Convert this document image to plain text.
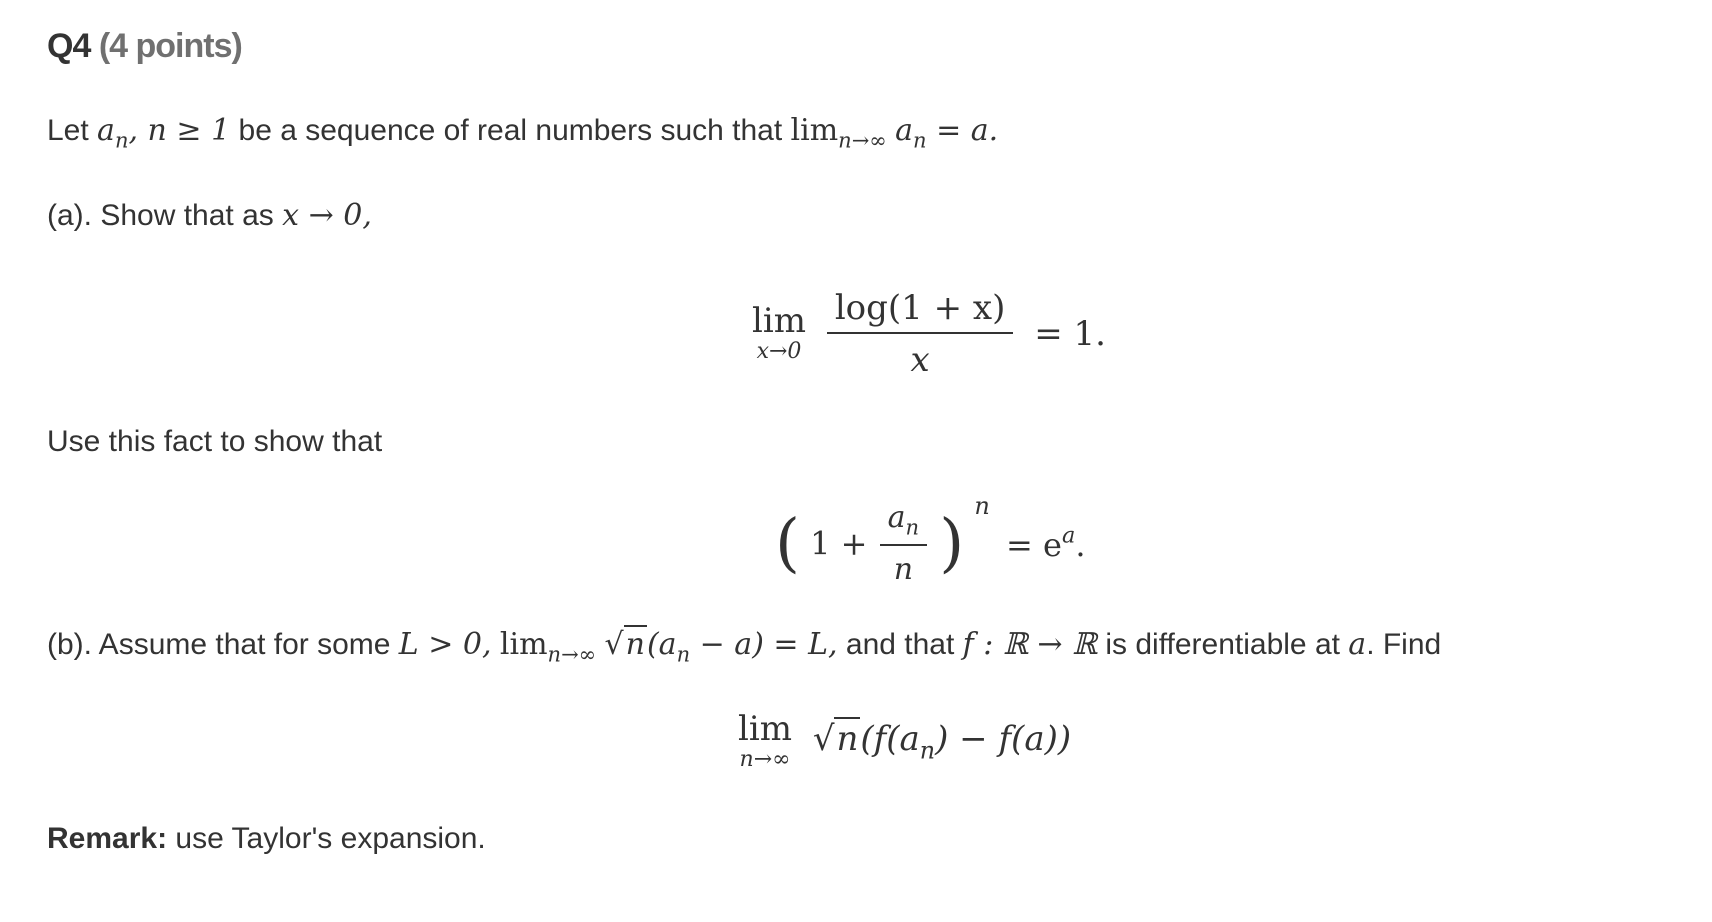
Q4 (4 points)
Let $a_n$, n ≥ 1 be a sequence of real numbers such that $\lim_{n\to\infty} a_n = a$.
(a). Show that as x → 0,
lim
x→0
$\frac{\log(1 + x)}{x} = 1$.
Use this fact to show that
( $1 + \frac{a_n}{n}$ ) $^n = e^a$.
(b). Assume that for some L > 0, $\lim_{n\to\infty} √n(a_n - a) = L$, and that f : ℝ → ℝ is differentiable at a. Find
lim
n→∞ $√n(f(a_n) - f(a))$
Remark: use Taylor's expansion.
